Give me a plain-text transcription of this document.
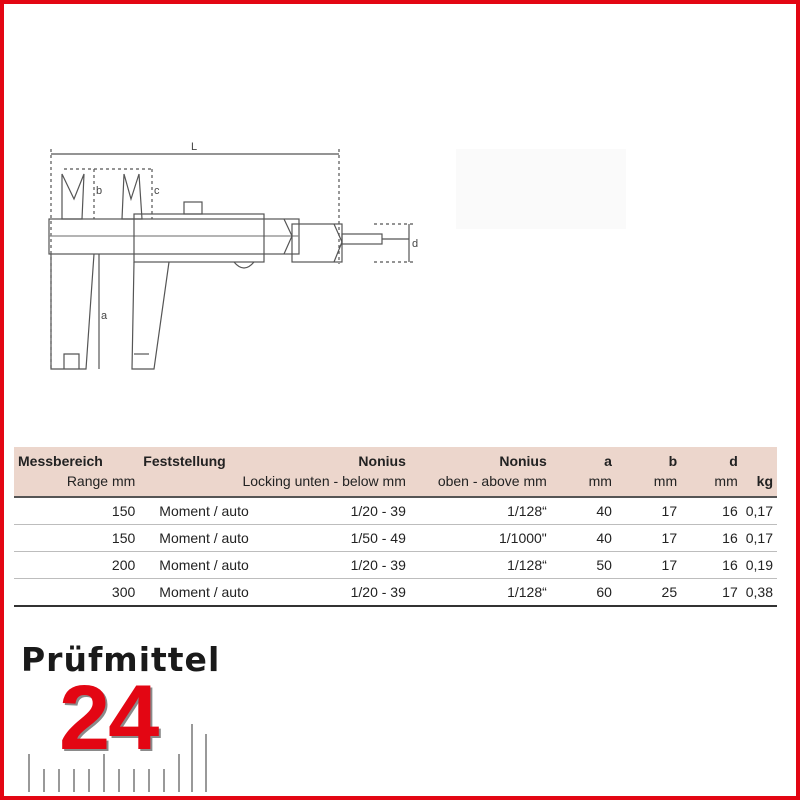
L
b	c
a
d
Messbereich	Feststellung	Nonius	Nonius	a	b	d	
Range mm	Locking unten - below mm		oben - above mm	mm	mm	mm	kg
150	Moment / auto	1/20 - 39	1/128“	40	17	16	0,17
150	Moment / auto	1/50 - 49	1/1000"	40	17	16	0,17
200	Moment / auto	1/20 - 39	1/128“	50	17	16	0,19
300	Moment / auto	1/20 - 39	1/128“	60	25	17	0,38
Prüfmittel
24
